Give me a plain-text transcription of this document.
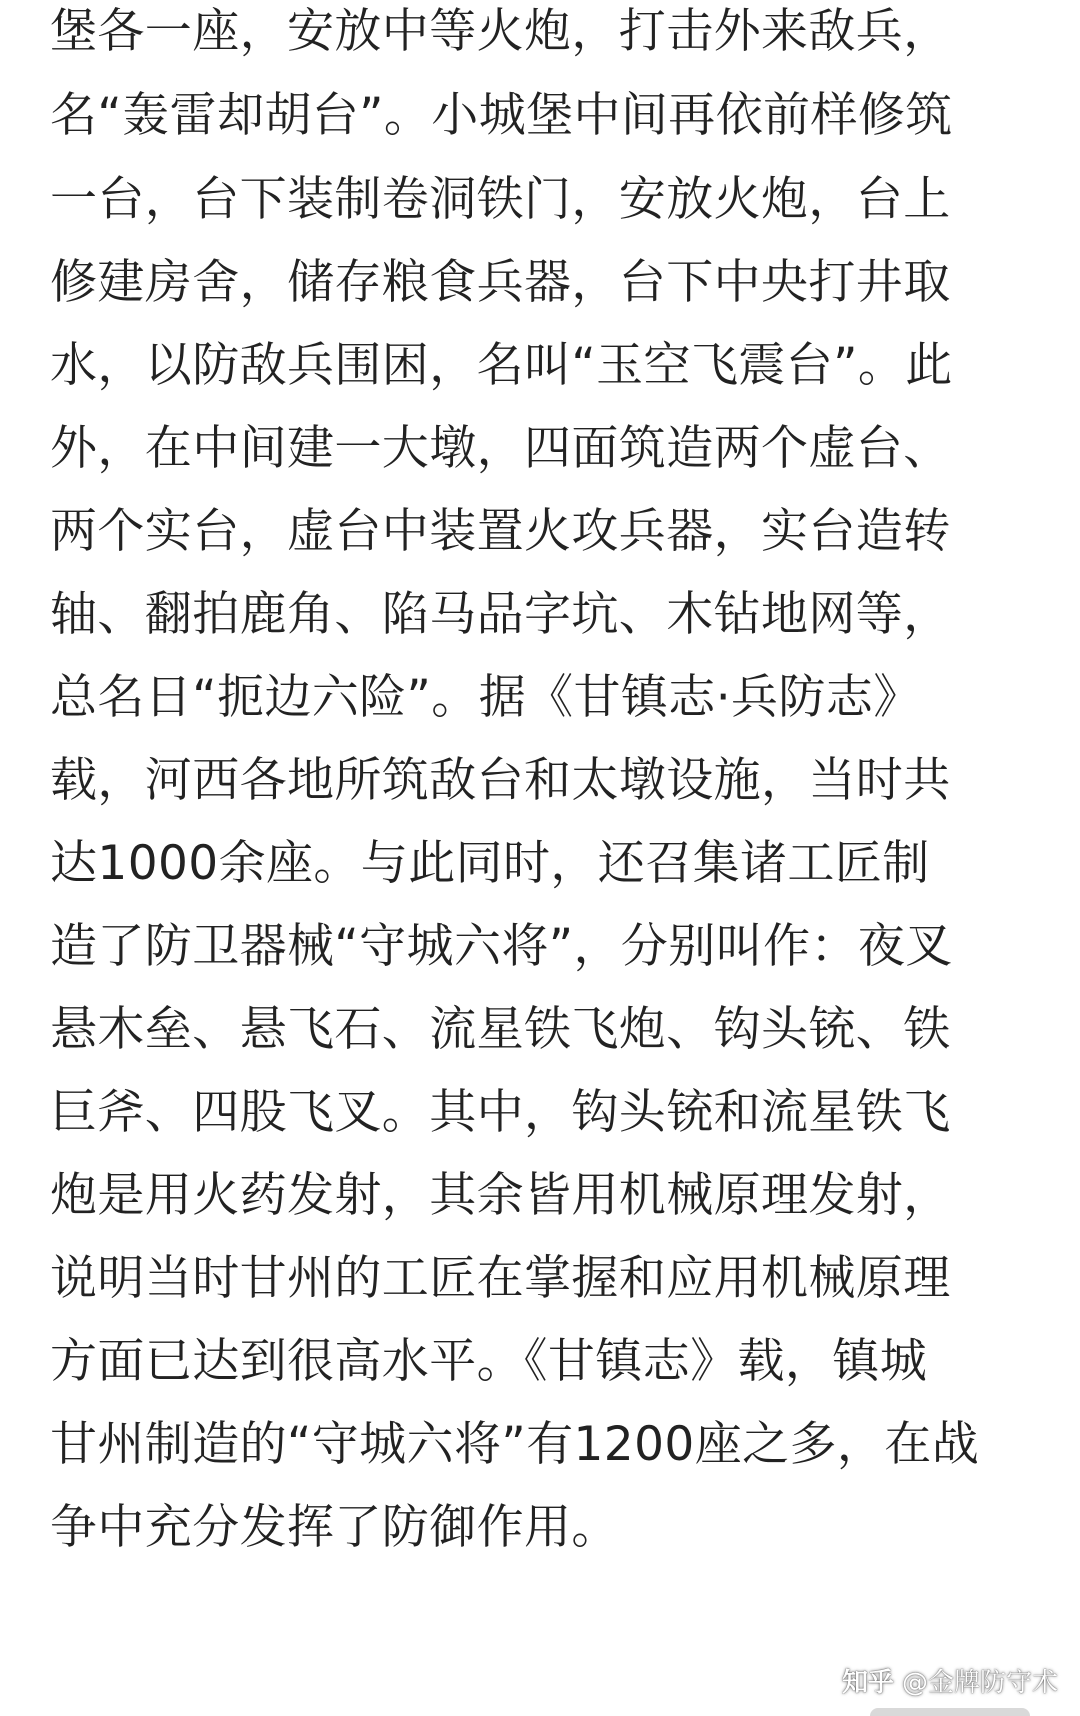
堡各一座，安放中等火炮，打击外来敌兵，
名“轰雷却胡台”。小城堡中间再依前样修筑
一台，台下装制卷洞铁门，安放火炮，台上
修建房舍，储存粮食兵器，台下中央打井取
水，以防敌兵围困，名叫“玉空飞震台”。此
外，在中间建一大墩，四面筑造两个虚台、
两个实台，虚台中装置火攻兵器，实台造转
轴、翻拍鹿角、陷马品字坑、木钻地网等，
总名日“扼边六险”。据《甘镇志·兵防志》
载，河西各地所筑敌台和太墩设施，当时共
达1000余座。与此同时，还召集诸工匠制
造了防卫器械“守城六将”，分别叫作：夜叉
悬木垒、悬飞石、流星铁飞炮、钩头铳、铁
巨斧、四股飞叉。其中，钩头铳和流星铁飞
炮是用火药发射，其余皆用机械原理发射，
说明当时甘州的工匠在掌握和应用机械原理
方面已达到很高水平。《甘镇志》载，镇城
甘州制造的“守城六将”有1200座之多，在战
争中充分发挥了防御作用。
知乎 @金牌防守术
